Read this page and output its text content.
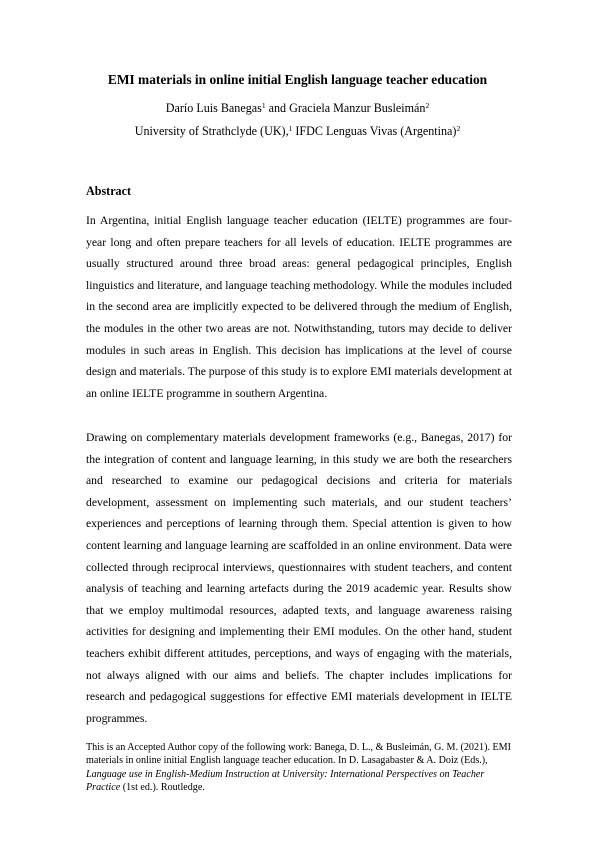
EMI materials in online initial English language teacher education
Darío Luis Banegas$^1$ and Graciela Manzur Busleimán$^2$
University of Strathclyde (UK),$^1$ IFDC Lenguas Vivas (Argentina)$^2$
Abstract

In Argentina, initial English language teacher education (IELTE) programmes are four-year long and often prepare teachers for all levels of education. IELTE programmes are usually structured around three broad areas: general pedagogical principles, English linguistics and literature, and language teaching methodology. While the modules included in the second area are implicitly expected to be delivered through the medium of English, the modules in the other two areas are not. Notwithstanding, tutors may decide to deliver modules in such areas in English. This decision has implications at the level of course design and materials. The purpose of this study is to explore EMI materials development at an online IELTE programme in southern Argentina.

Drawing on complementary materials development frameworks (e.g., Banegas, 2017) for the integration of content and language learning, in this study we are both the researchers and researched to examine our pedagogical decisions and criteria for materials development, assessment on implementing such materials, and our student teachers’ experiences and perceptions of learning through them. Special attention is given to how content learning and language learning are scaffolded in an online environment. Data were collected through reciprocal interviews, questionnaires with student teachers, and content analysis of teaching and learning artefacts during the 2019 academic year. Results show that we employ multimodal resources, adapted texts, and language awareness raising activities for designing and implementing their EMI modules. On the other hand, student teachers exhibit different attitudes, perceptions, and ways of engaging with the materials, not always aligned with our aims and beliefs. The chapter includes implications for research and pedagogical suggestions for effective EMI materials development in IELTE programmes.

This is an Accepted Author copy of the following work: Banega, D. L., & Busleimán, G. M. (2021). EMI materials in online initial English language teacher education. In D. Lasagabaster & A. Doiz (Eds.), Language use in English-Medium Instruction at University: International Perspectives on Teacher Practice (1st ed.). Routledge.
